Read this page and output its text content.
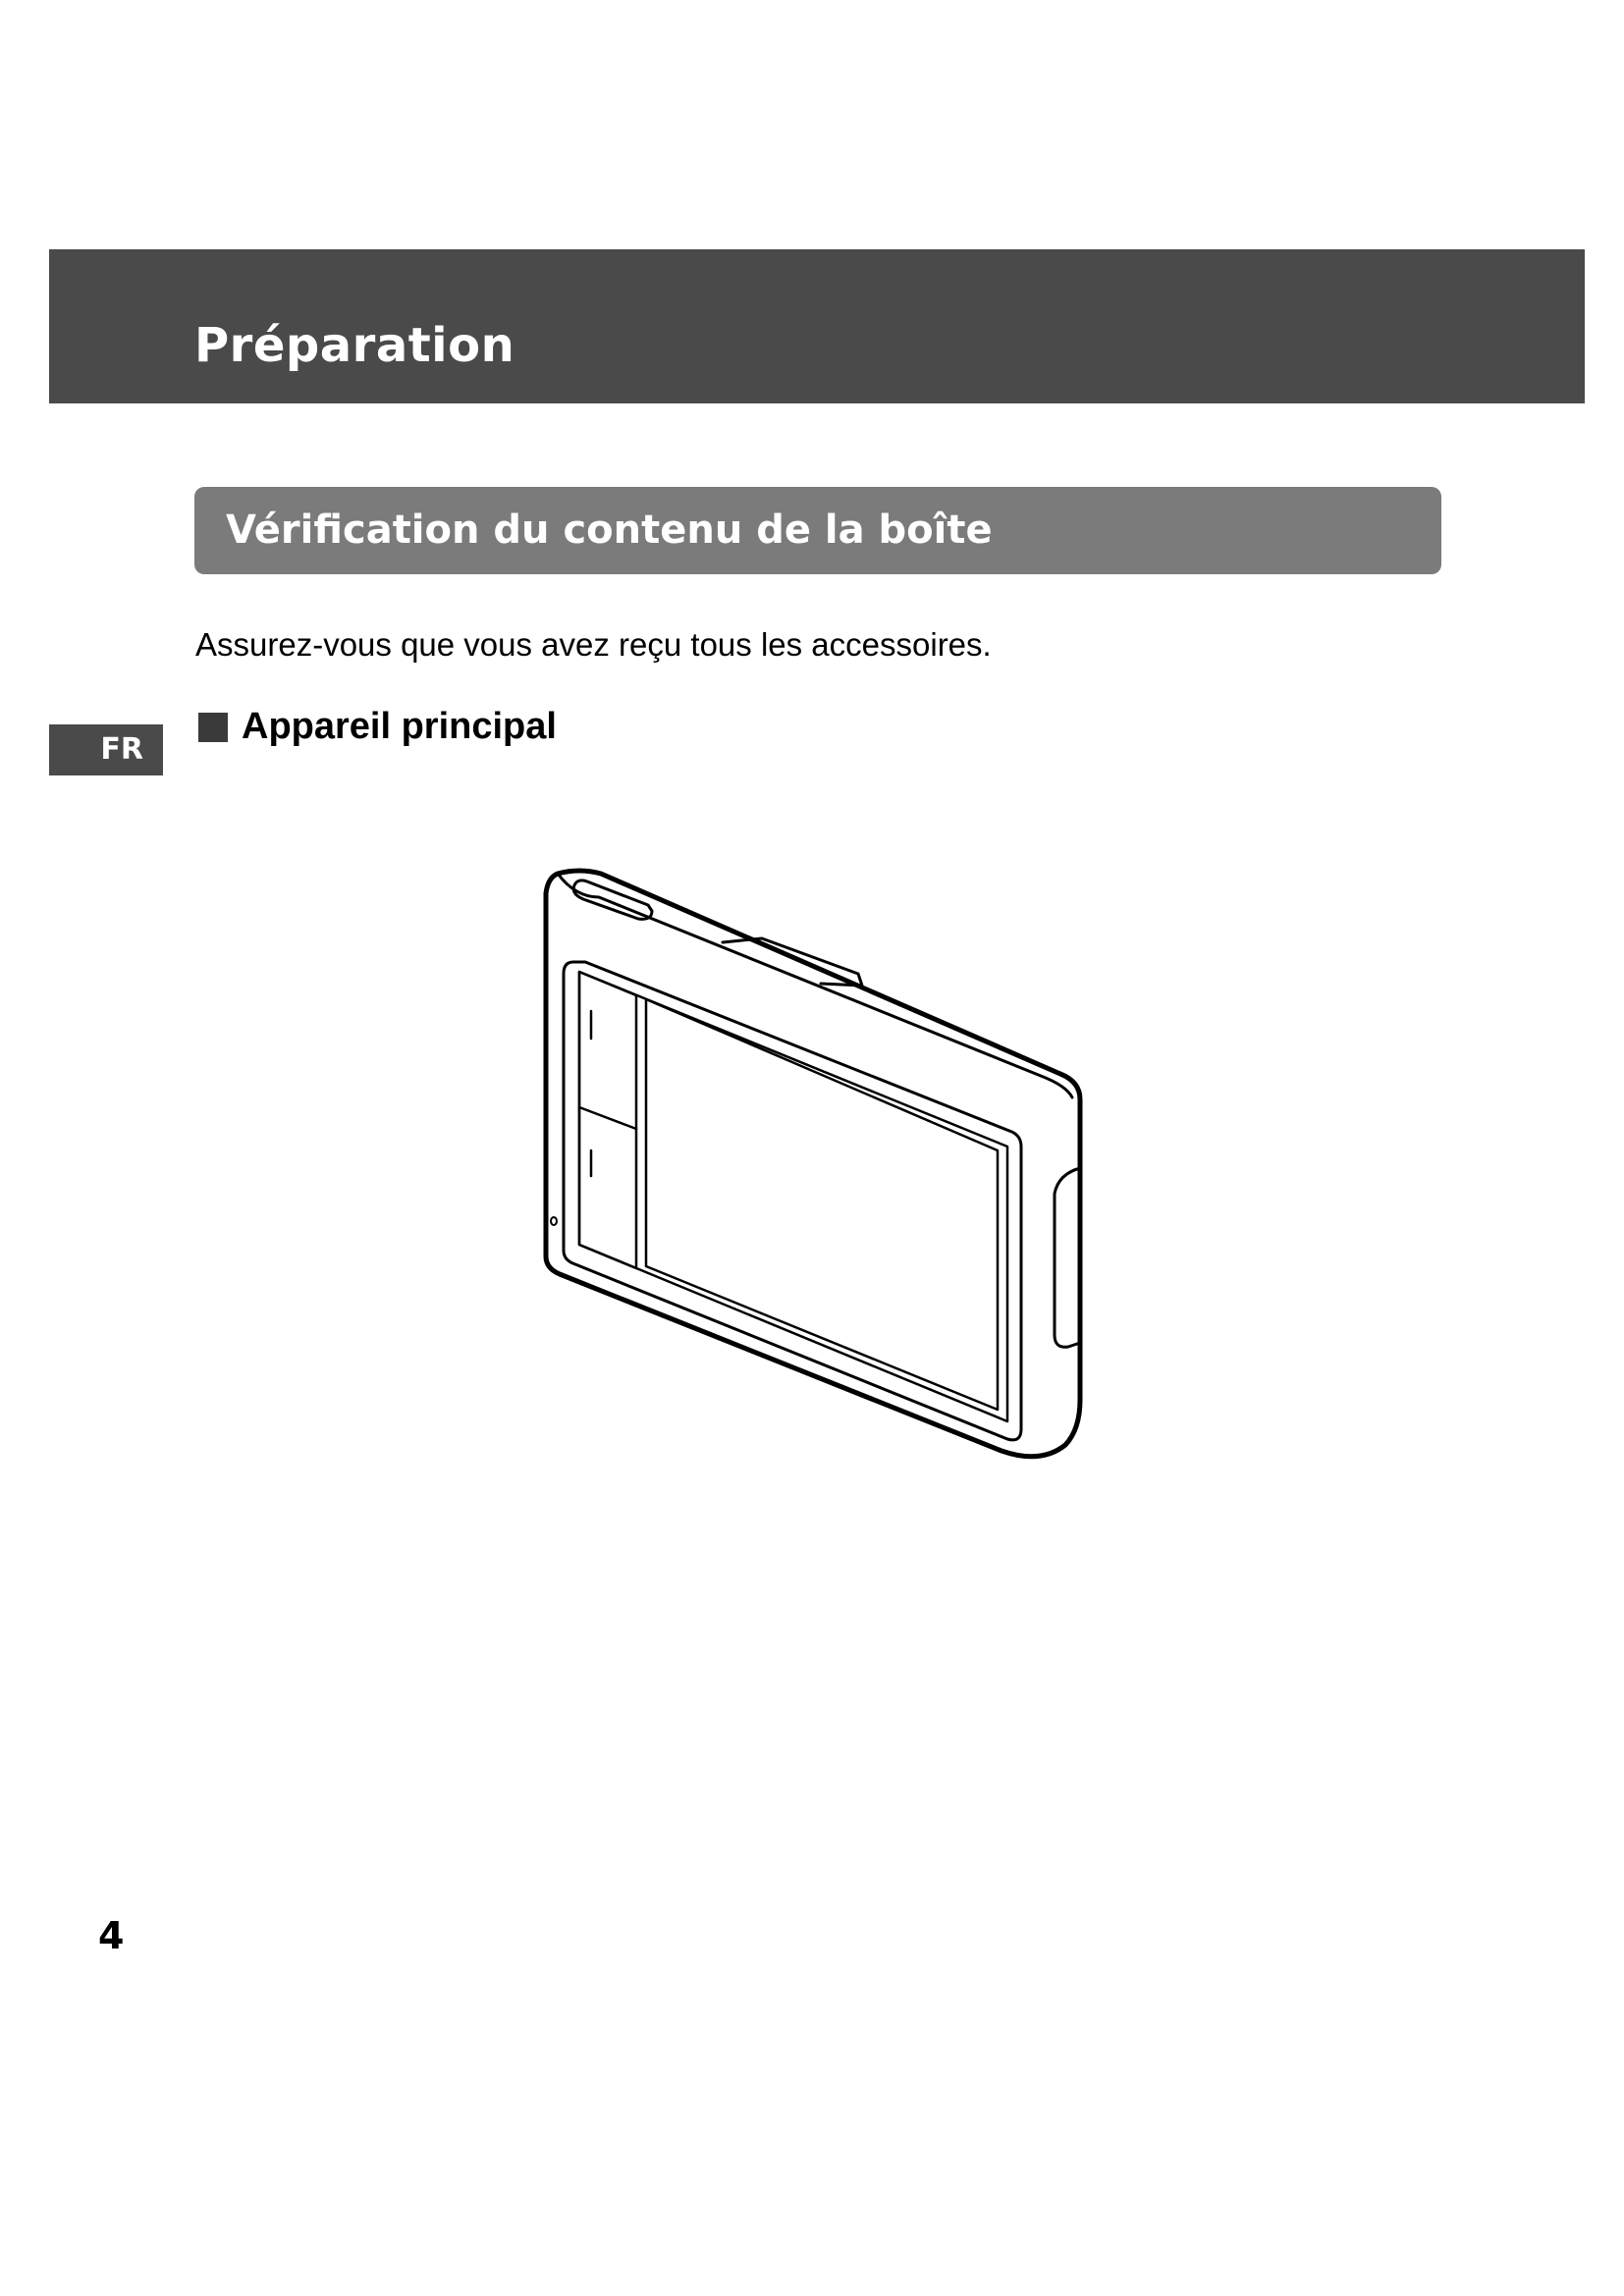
Préparation
Vérification du contenu de la boîte

Assurez-vous que vous avez reçu tous les accessoires.

Appareil principal
FR
4
